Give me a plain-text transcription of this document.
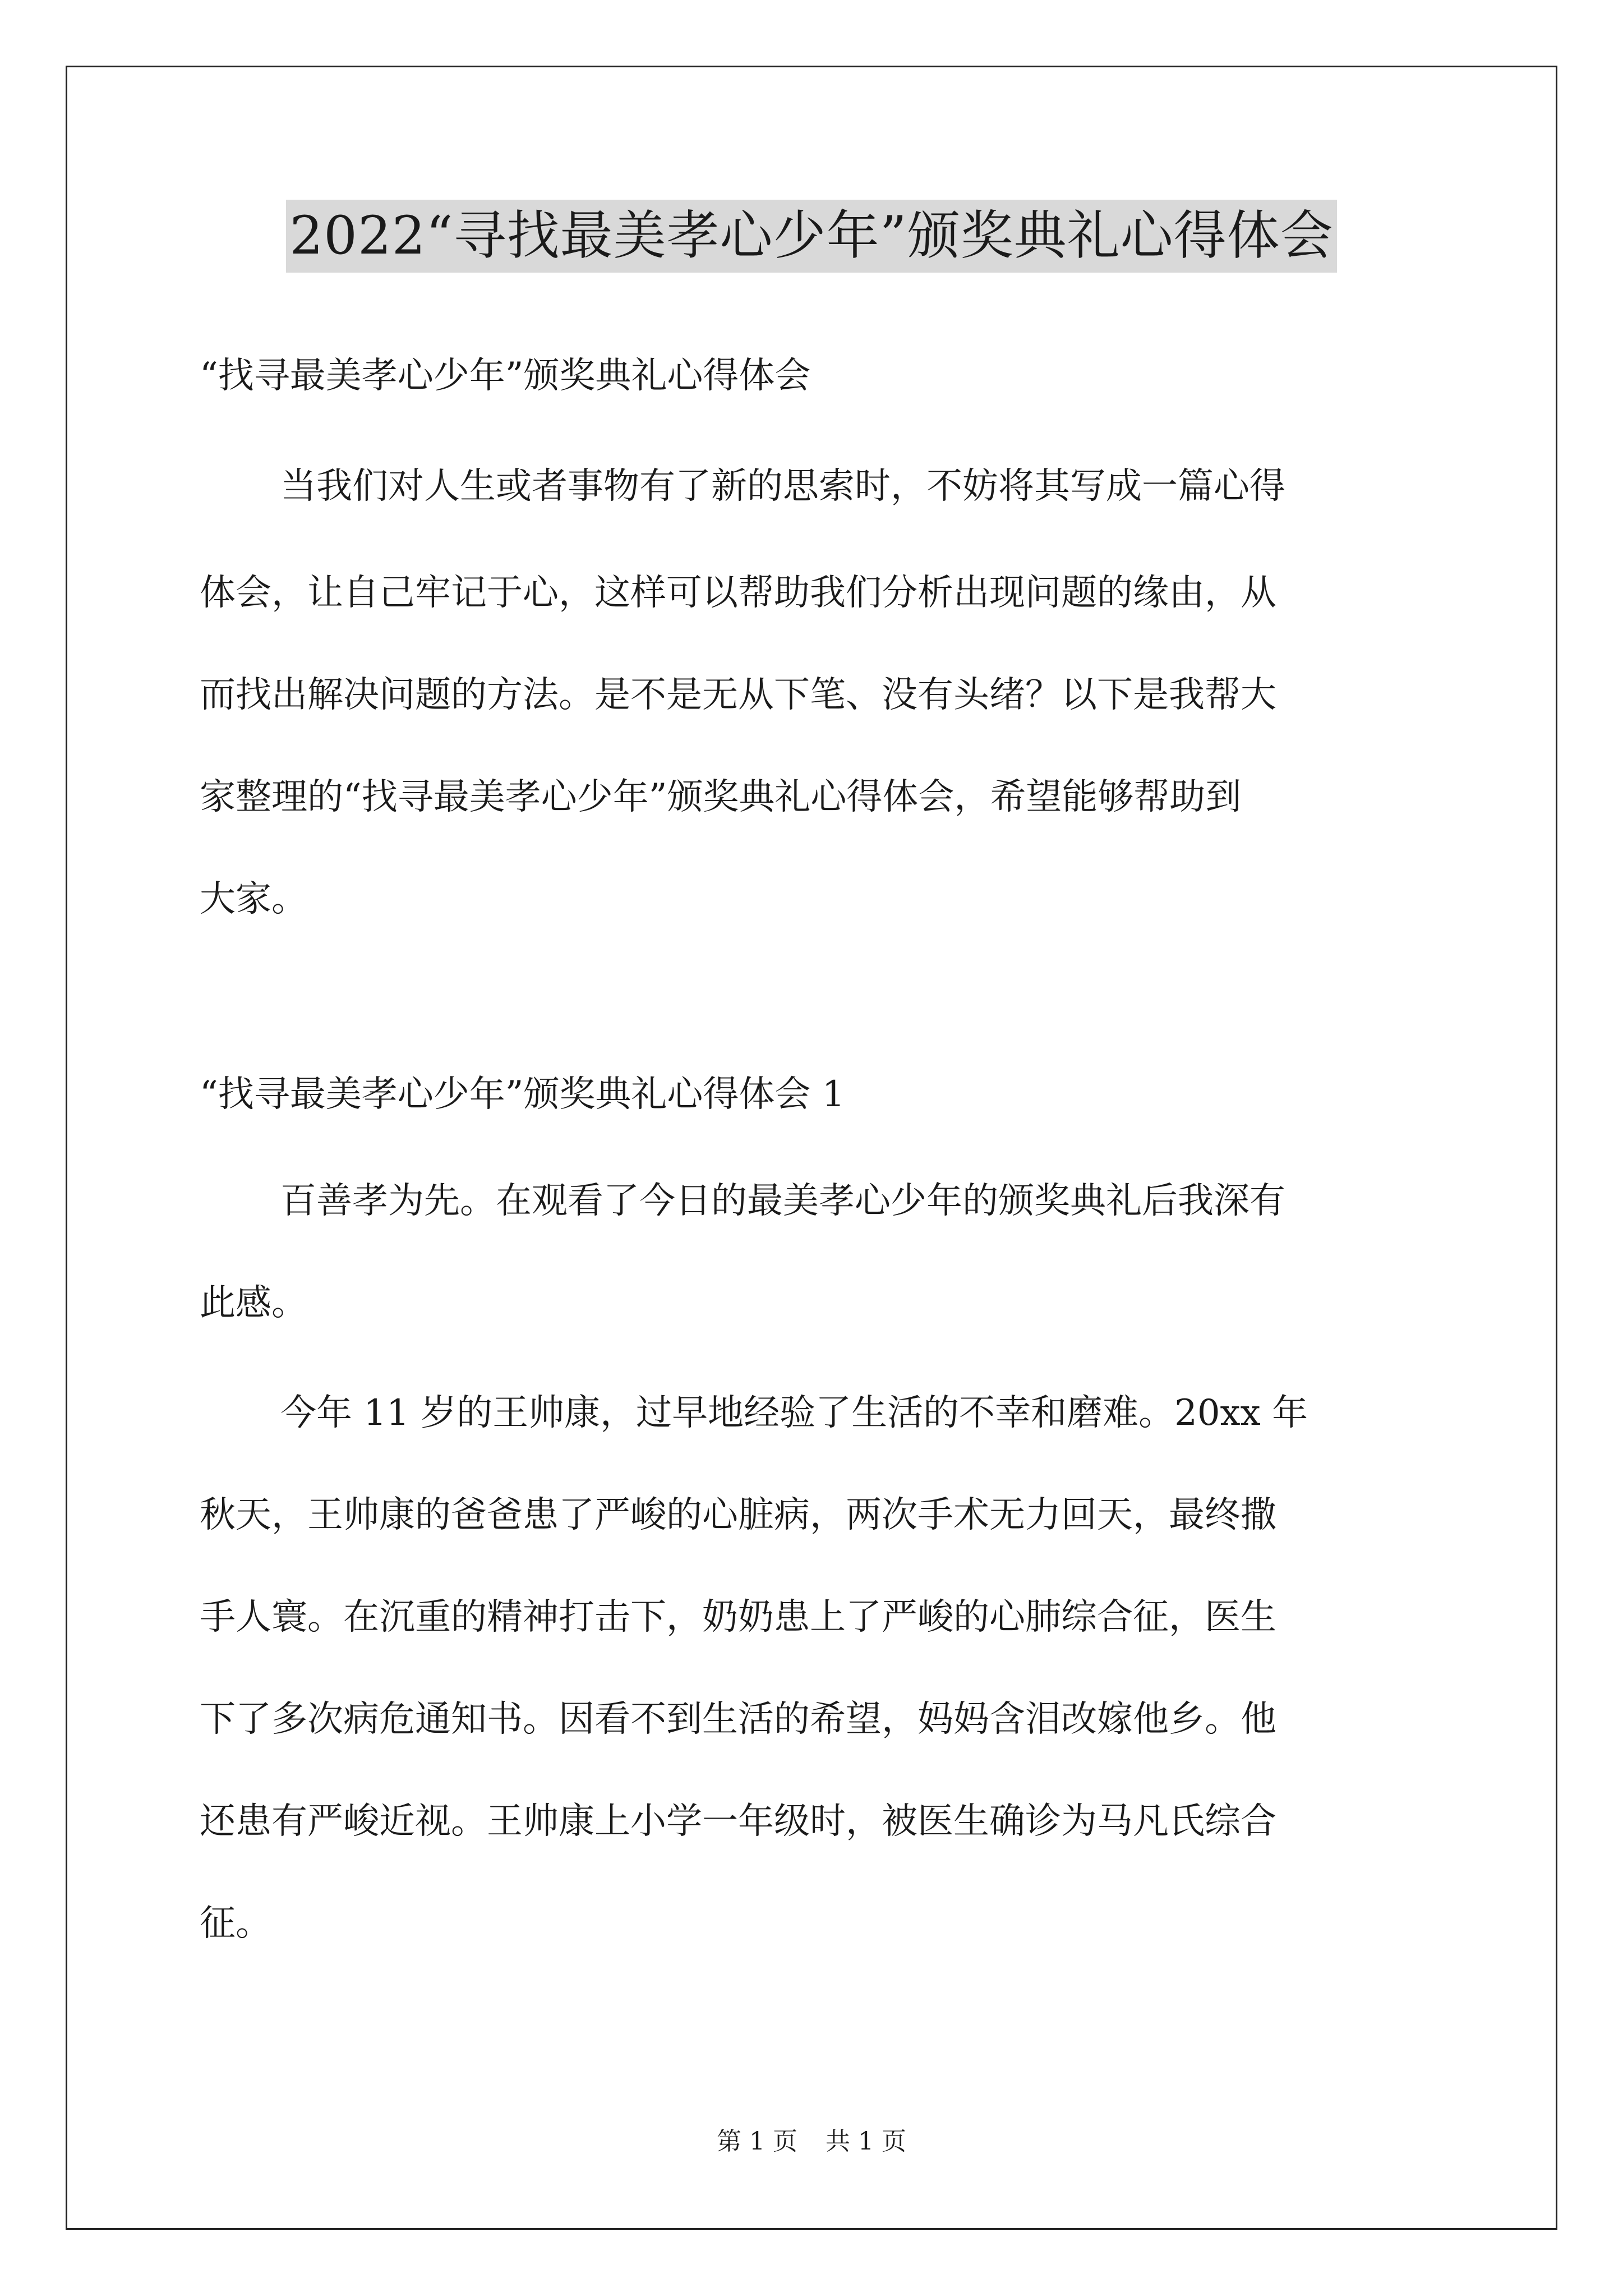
2022“寻找最美孝心少年”颁奖典礼心得体会
“找寻最美孝心少年”颁奖典礼心得体会
当我们对人生或者事物有了新的思索时，不妨将其写成一篇心得
体会，让自己牢记于心，这样可以帮助我们分析出现问题的缘由，从
而找出解决问题的方法。是不是无从下笔、没有头绪？以下是我帮大
家整理的“找寻最美孝心少年”颁奖典礼心得体会，希望能够帮助到
大家。
“找寻最美孝心少年”颁奖典礼心得体会 1
百善孝为先。在观看了今日的最美孝心少年的颁奖典礼后我深有
此感。
今年 11 岁的王帅康，过早地经验了生活的不幸和磨难。20xx 年
秋天，王帅康的爸爸患了严峻的心脏病，两次手术无力回天，最终撒
手人寰。在沉重的精神打击下，奶奶患上了严峻的心肺综合征，医生
下了多次病危通知书。因看不到生活的希望，妈妈含泪改嫁他乡。他
还患有严峻近视。王帅康上小学一年级时，被医生确诊为马凡氏综合
征。
第 1 页 共 1 页
